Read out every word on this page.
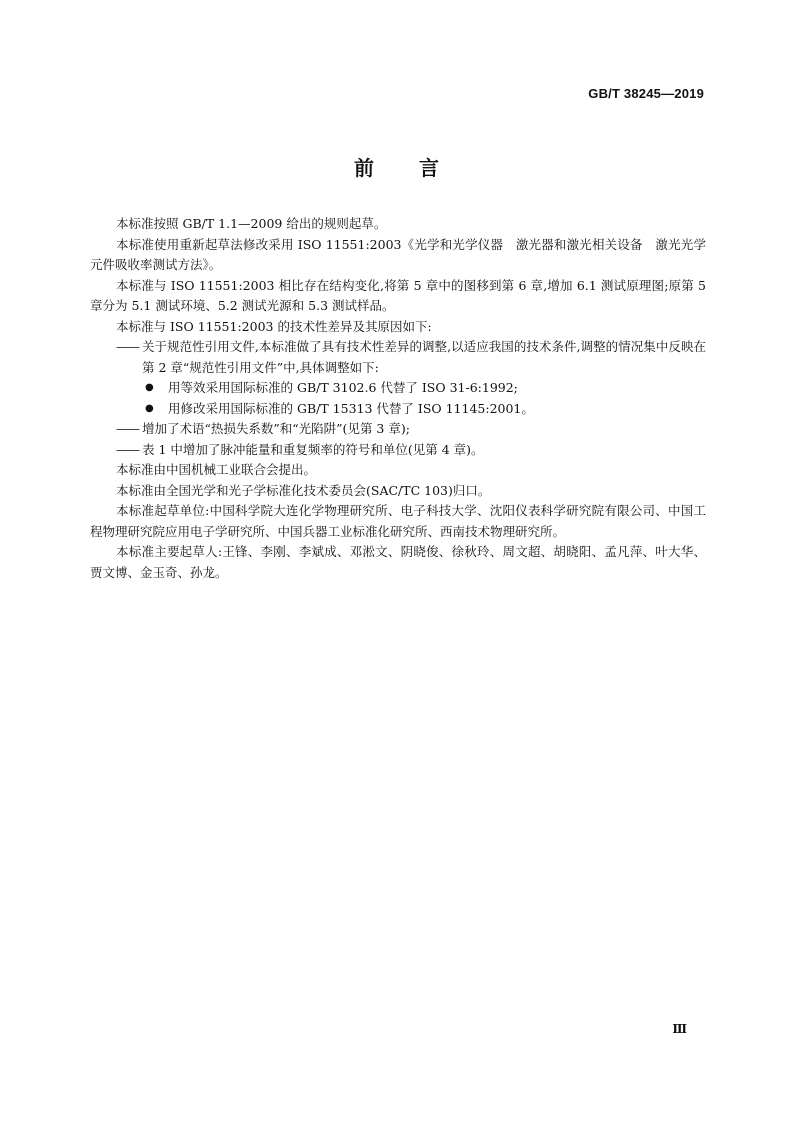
GB/T 38245—2019
前 言

本标准按照 GB/T 1.1—2009 给出的规则起草。

本标准使用重新起草法修改采用 ISO 11551:2003《光学和光学仪器　激光器和激光相关设备　激光光学元件吸收率测试方法》。

本标准与 ISO 11551:2003 相比存在结构变化,将第 5 章中的图移到第 6 章,增加 6.1 测试原理图;原第 5 章分为 5.1 测试环境、5.2 测试光源和 5.3 测试样品。

本标准与 ISO 11551:2003 的技术性差异及其原因如下:

—— 关于规范性引用文件,本标准做了具有技术性差异的调整,以适应我国的技术条件,调整的情况集中反映在第 2 章“规范性引用文件”中,具体调整如下:

● 用等效采用国际标准的 GB/T 3102.6 代替了 ISO 31-6:1992;

● 用修改采用国际标准的 GB/T 15313 代替了 ISO 11145:2001。

—— 增加了术语“热损失系数”和“光陷阱”(见第 3 章);

—— 表 1 中增加了脉冲能量和重复频率的符号和单位(见第 4 章)。

本标准由中国机械工业联合会提出。

本标准由全国光学和光子学标准化技术委员会(SAC/TC 103)归口。

本标准起草单位:中国科学院大连化学物理研究所、电子科技大学、沈阳仪表科学研究院有限公司、中国工程物理研究院应用电子学研究所、中国兵器工业标准化研究所、西南技术物理研究所。

本标准主要起草人:王锋、李刚、李斌成、邓淞文、阴晓俊、徐秋玲、周文超、胡晓阳、孟凡萍、叶大华、贾文博、金玉奇、孙龙。

Ⅲ
